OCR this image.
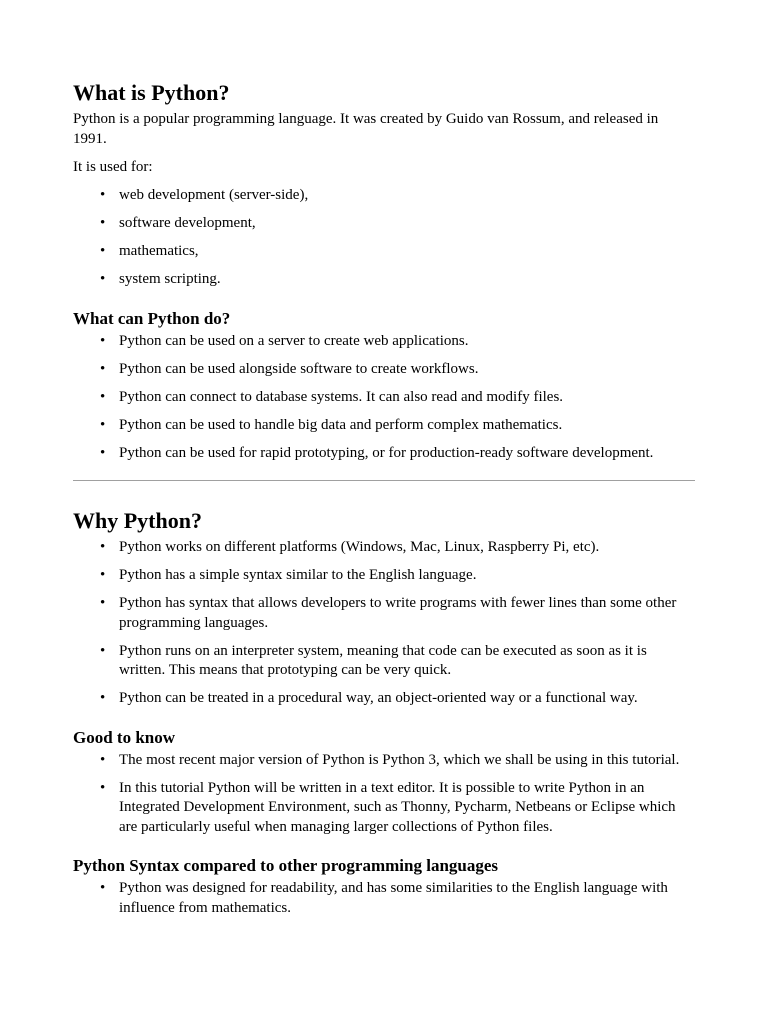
What is Python?

Python is a popular programming language. It was created by Guido van Rossum, and released in 1991.

It is used for:

• web development (server-side),
• software development,
• mathematics,
• system scripting.
What can Python do?
• Python can be used on a server to create web applications.
• Python can be used alongside software to create workflows.
• Python can connect to database systems. It can also read and modify files.
• Python can be used to handle big data and perform complex mathematics.
• Python can be used for rapid prototyping, or for production-ready software development.
Why Python?
• Python works on different platforms (Windows, Mac, Linux, Raspberry Pi, etc).
• Python has a simple syntax similar to the English language.
• Python has syntax that allows developers to write programs with fewer lines than some other programming languages.
• Python runs on an interpreter system, meaning that code can be executed as soon as it is written. This means that prototyping can be very quick.
• Python can be treated in a procedural way, an object-oriented way or a functional way.
Good to know
• The most recent major version of Python is Python 3, which we shall be using in this tutorial.
• In this tutorial Python will be written in a text editor. It is possible to write Python in an Integrated Development Environment, such as Thonny, Pycharm, Netbeans or Eclipse which are particularly useful when managing larger collections of Python files.
Python Syntax compared to other programming languages
• Python was designed for readability, and has some similarities to the English language with influence from mathematics.
